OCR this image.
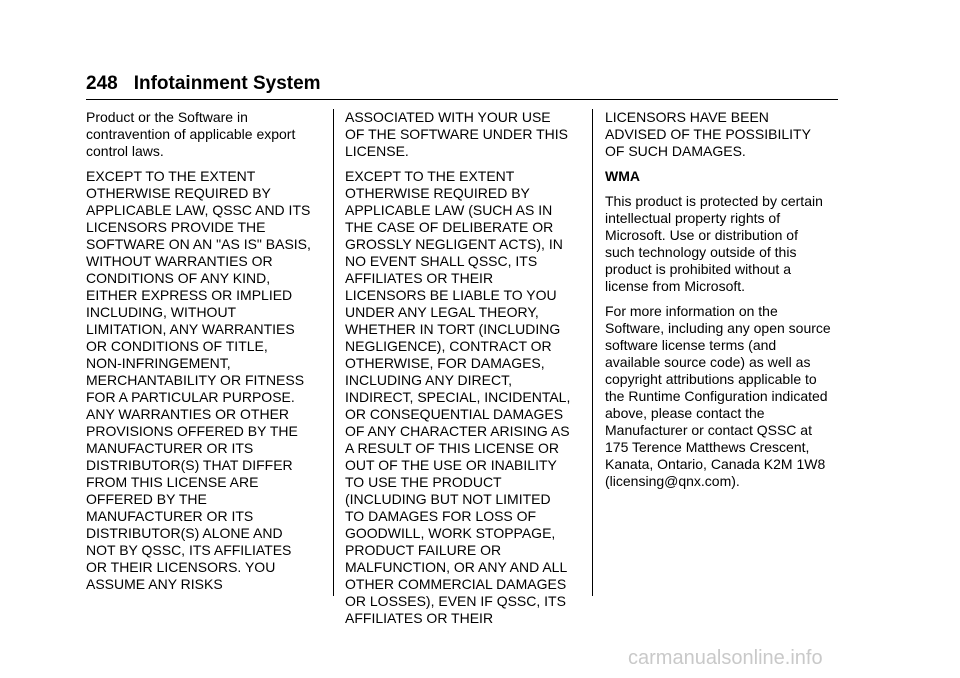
248 Infotainment System

Product or the Software in
contravention of applicable export
control laws.

EXCEPT TO THE EXTENT
OTHERWISE REQUIRED BY
APPLICABLE LAW, QSSC AND ITS
LICENSORS PROVIDE THE
SOFTWARE ON AN "AS IS" BASIS,
WITHOUT WARRANTIES OR
CONDITIONS OF ANY KIND,
EITHER EXPRESS OR IMPLIED
INCLUDING, WITHOUT
LIMITATION, ANY WARRANTIES
OR CONDITIONS OF TITLE,
NON-INFRINGEMENT,
MERCHANTABILITY OR FITNESS
FOR A PARTICULAR PURPOSE.
ANY WARRANTIES OR OTHER
PROVISIONS OFFERED BY THE
MANUFACTURER OR ITS
DISTRIBUTOR(S) THAT DIFFER
FROM THIS LICENSE ARE
OFFERED BY THE
MANUFACTURER OR ITS
DISTRIBUTOR(S) ALONE AND
NOT BY QSSC, ITS AFFILIATES
OR THEIR LICENSORS. YOU
ASSUME ANY RISKS

ASSOCIATED WITH YOUR USE
OF THE SOFTWARE UNDER THIS
LICENSE.

EXCEPT TO THE EXTENT
OTHERWISE REQUIRED BY
APPLICABLE LAW (SUCH AS IN
THE CASE OF DELIBERATE OR
GROSSLY NEGLIGENT ACTS), IN
NO EVENT SHALL QSSC, ITS
AFFILIATES OR THEIR
LICENSORS BE LIABLE TO YOU
UNDER ANY LEGAL THEORY,
WHETHER IN TORT (INCLUDING
NEGLIGENCE), CONTRACT OR
OTHERWISE, FOR DAMAGES,
INCLUDING ANY DIRECT,
INDIRECT, SPECIAL, INCIDENTAL,
OR CONSEQUENTIAL DAMAGES
OF ANY CHARACTER ARISING AS
A RESULT OF THIS LICENSE OR
OUT OF THE USE OR INABILITY
TO USE THE PRODUCT
(INCLUDING BUT NOT LIMITED
TO DAMAGES FOR LOSS OF
GOODWILL, WORK STOPPAGE,
PRODUCT FAILURE OR
MALFUNCTION, OR ANY AND ALL
OTHER COMMERCIAL DAMAGES
OR LOSSES), EVEN IF QSSC, ITS
AFFILIATES OR THEIR

LICENSORS HAVE BEEN
ADVISED OF THE POSSIBILITY
OF SUCH DAMAGES.

WMA

This product is protected by certain
intellectual property rights of
Microsoft. Use or distribution of
such technology outside of this
product is prohibited without a
license from Microsoft.

For more information on the
Software, including any open source
software license terms (and
available source code) as well as
copyright attributions applicable to
the Runtime Configuration indicated
above, please contact the
Manufacturer or contact QSSC at
175 Terence Matthews Crescent,
Kanata, Ontario, Canada K2M 1W8
(licensing@qnx.com).

carmanualsonline.info
